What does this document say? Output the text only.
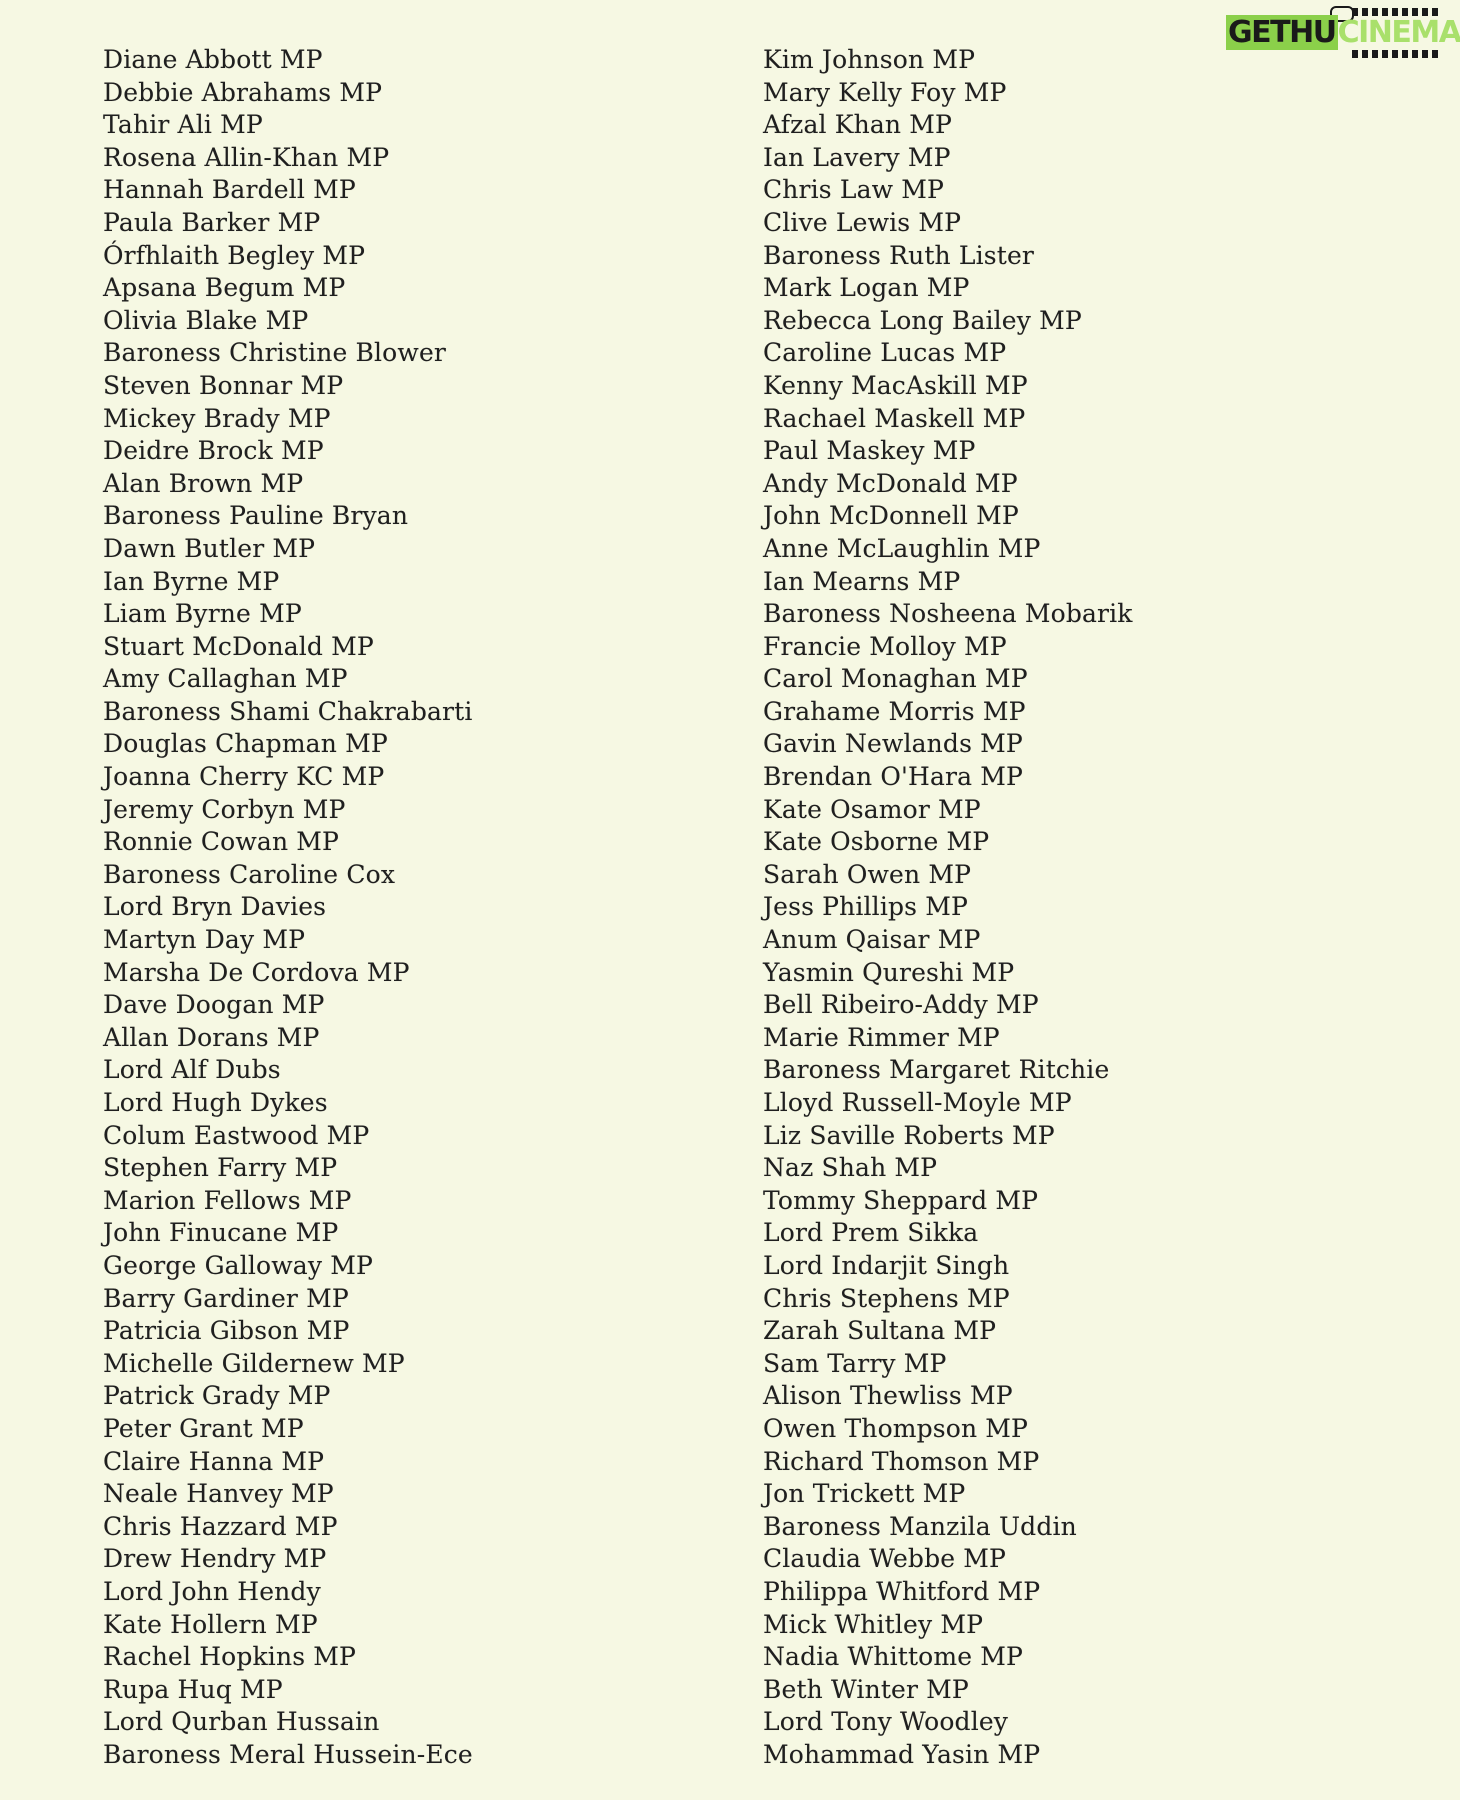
GETHUCINEMA
Diane Abbott MP
Debbie Abrahams MP
Tahir Ali MP
Rosena Allin-Khan MP
Hannah Bardell MP
Paula Barker MP
Órfhlaith Begley MP
Apsana Begum MP
Olivia Blake MP
Baroness Christine Blower
Steven Bonnar MP
Mickey Brady MP
Deidre Brock MP
Alan Brown MP
Baroness Pauline Bryan
Dawn Butler MP
Ian Byrne MP
Liam Byrne MP
Stuart McDonald MP
Amy Callaghan MP
Baroness Shami Chakrabarti
Douglas Chapman MP
Joanna Cherry KC MP
Jeremy Corbyn MP
Ronnie Cowan MP
Baroness Caroline Cox
Lord Bryn Davies
Martyn Day MP
Marsha De Cordova MP
Dave Doogan MP
Allan Dorans MP
Lord Alf Dubs
Lord Hugh Dykes
Colum Eastwood MP
Stephen Farry MP
Marion Fellows MP
John Finucane MP
George Galloway MP
Barry Gardiner MP
Patricia Gibson MP
Michelle Gildernew MP
Patrick Grady MP
Peter Grant MP
Claire Hanna MP
Neale Hanvey MP
Chris Hazzard MP
Drew Hendry MP
Lord John Hendy
Kate Hollern MP
Rachel Hopkins MP
Rupa Huq MP
Lord Qurban Hussain
Baroness Meral Hussein-Ece
Kim Johnson MP
Mary Kelly Foy MP
Afzal Khan MP
Ian Lavery MP
Chris Law MP
Clive Lewis MP
Baroness Ruth Lister
Mark Logan MP
Rebecca Long Bailey MP
Caroline Lucas MP
Kenny MacAskill MP
Rachael Maskell MP
Paul Maskey MP
Andy McDonald MP
John McDonnell MP
Anne McLaughlin MP
Ian Mearns MP
Baroness Nosheena Mobarik
Francie Molloy MP
Carol Monaghan MP
Grahame Morris MP
Gavin Newlands MP
Brendan O'Hara MP
Kate Osamor MP
Kate Osborne MP
Sarah Owen MP
Jess Phillips MP
Anum Qaisar MP
Yasmin Qureshi MP
Bell Ribeiro-Addy MP
Marie Rimmer MP
Baroness Margaret Ritchie
Lloyd Russell-Moyle MP
Liz Saville Roberts MP
Naz Shah MP
Tommy Sheppard MP
Lord Prem Sikka
Lord Indarjit Singh
Chris Stephens MP
Zarah Sultana MP
Sam Tarry MP
Alison Thewliss MP
Owen Thompson MP
Richard Thomson MP
Jon Trickett MP
Baroness Manzila Uddin
Claudia Webbe MP
Philippa Whitford MP
Mick Whitley MP
Nadia Whittome MP
Beth Winter MP
Lord Tony Woodley
Mohammad Yasin MP
